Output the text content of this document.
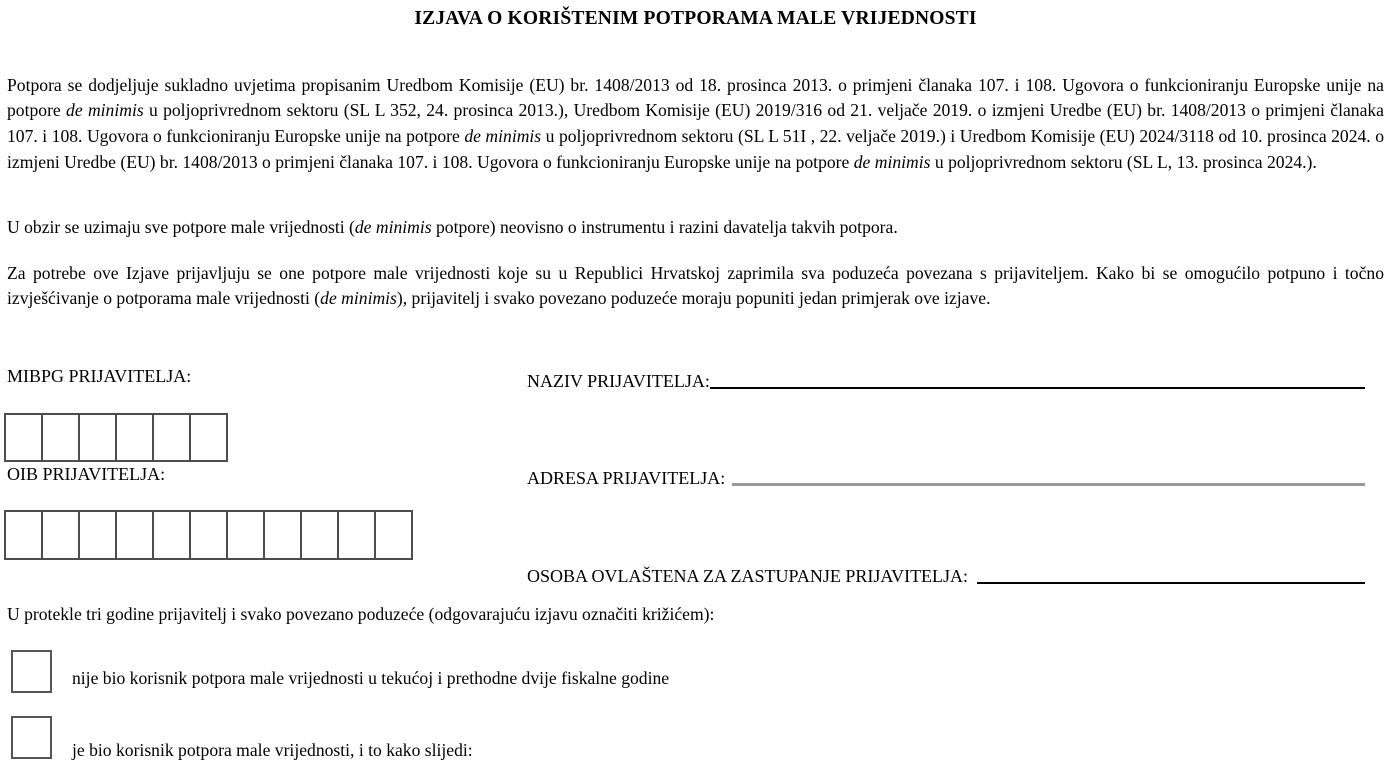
IZJAVA O KORIŠTENIM POTPORAMA MALE VRIJEDNOSTI

Potpora se dodjeljuje sukladno uvjetima propisanim Uredbom Komisije (EU) br. 1408/2013 od 18. prosinca 2013. o primjeni članaka 107. i 108. Ugovora o funkcioniranju Europske unije na potpore de minimis u poljoprivrednom sektoru (SL L 352, 24. prosinca 2013.), Uredbom Komisije (EU) 2019/316 od 21. veljače 2019. o izmjeni Uredbe (EU) br. 1408/2013 o primjeni članaka 107. i 108. Ugovora o funkcioniranju Europske unije na potpore de minimis u poljoprivrednom sektoru (SL L 51I , 22. veljače 2019.) i Uredbom Komisije (EU) 2024/3118 od 10. prosinca 2024. o izmjeni Uredbe (EU) br. 1408/2013 o primjeni članaka 107. i 108. Ugovora o funkcioniranju Europske unije na potpore de minimis u poljoprivrednom sektoru (SL L, 13. prosinca 2024.).

U obzir se uzimaju sve potpore male vrijednosti (de minimis potpore) neovisno o instrumentu i razini davatelja takvih potpora.

Za potrebe ove Izjave prijavljuju se one potpore male vrijednosti koje su u Republici Hrvatskoj zaprimila sva poduzeća povezana s prijaviteljem. Kako bi se omogućilo potpuno i točno izvješćivanje o potporama male vrijednosti (de minimis), prijavitelj i svako povezano poduzeće moraju popuniti jedan primjerak ove izjave.

MIBPG PRIJAVITELJA:	NAZIV PRIJAVITELJA:
OIB PRIJAVITELJA:	ADRESA PRIJAVITELJA:
OSOBA OVLAŠTENA ZA ZASTUPANJE PRIJAVITELJA:
U protekle tri godine prijavitelj i svako povezano poduzeće (odgovarajuću izjavu označiti križićem):
nije bio korisnik potpora male vrijednosti u tekućoj i prethodne dvije fiskalne godine
je bio korisnik potpora male vrijednosti, i to kako slijedi:
